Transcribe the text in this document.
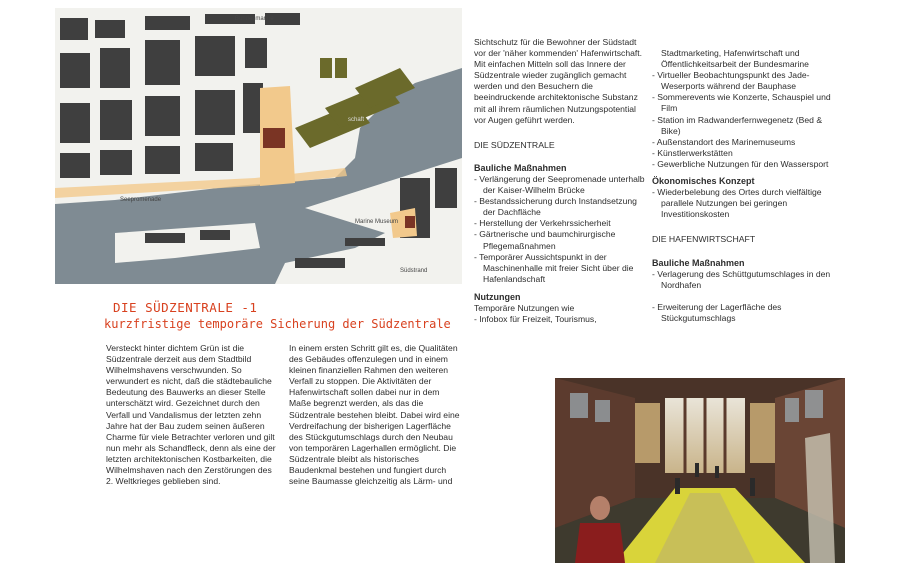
Bundesmarine
Seepromenade
Marine Museum
Südstrand
schaft
DIE SÜDZENTRALE -1
kurzfristige temporäre Sicherung der Südzentrale

Versteckt hinter dichtem Grün ist die Südzentrale derzeit aus dem Stadtbild Wilhelmshavens verschwunden. So verwundert es nicht, daß die städtebauliche Bedeutung des Bauwerks an dieser Stelle unterschätzt wird. Gezeichnet durch den Verfall und Vandalismus der letzten zehn Jahre hat der Bau zudem seinen äußeren Charme für viele Betrachter verloren und gilt nun mehr als Schandfleck, denn als eine der letzten architektonischen Kostbarkeiten, die Wilhelmshaven nach den Zerstörungen des 2. Weltkrieges geblieben sind.

In einem ersten Schritt gilt es, die Qualitäten des Gebäudes offenzulegen und in einem kleinen finanziellen Rahmen den weiteren Verfall zu stoppen. Die Aktivitäten der Hafenwirtschaft sollen dabei nur in dem Maße begrenzt werden, als das die Südzentrale bestehen bleibt. Dabei wird eine Verdreifachung der bisherigen Lagerfläche des Stückgutumschlags durch den Neubau von temporären Lagerhallen ermöglicht. Die Südzentrale bleibt als historisches Baudenkmal bestehen und fungiert durch seine Baumasse gleichzeitig als Lärm- und

Sichtschutz für die Bewohner der Südstadt vor der 'näher kommenden' Hafenwirtschaft. Mit einfachen Mitteln soll das Innere der Südzentrale wieder zugänglich gemacht werden und den Besuchern die beeindruckende architektonische Substanz mit all ihrem räumlichen Nutzungspotential vor Augen geführt werden.

DIE SÜDZENTRALE

Bauliche Maßnahmen

- Verlängerung der Seepromenade unterhalb der Kaiser-Wilhelm Brücke
- Bestandssicherung durch Instandsetzung der Dachfläche
- Herstellung der Verkehrssicherheit
- Gärtnerische und baumchirurgische Pflegemaßnahmen
- Temporärer Aussichtspunkt in der Maschinenhalle mit freier Sicht über die Hafenlandschaft

Nutzungen

Temporäre Nutzungen wie

- Infobox für Freizeit, Tourismus,

Stadtmarketing, Hafenwirtschaft und Öffentlichkeitsarbeit der Bundesmarine

- Virtueller Beobachtungspunkt des Jade-Weserports während der Bauphase
- Sommerevents wie Konzerte, Schauspiel und Film
- Station im Radwanderfernwegenetz (Bed & Bike)
- Außenstandort des Marinemuseums
- Künstlerwerkstätten
- Gewerbliche Nutzungen für den Wassersport

Ökonomisches Konzept

- Wiederbelebung des Ortes durch vielfältige parallele Nutzungen bei geringen Investitionskosten

DIE HAFENWIRTSCHAFT

Bauliche Maßnahmen

- Verlagerung des Schüttgutumschlages in den Nordhafen
- Erweiterung der Lagerfläche des Stückgutumschlags
